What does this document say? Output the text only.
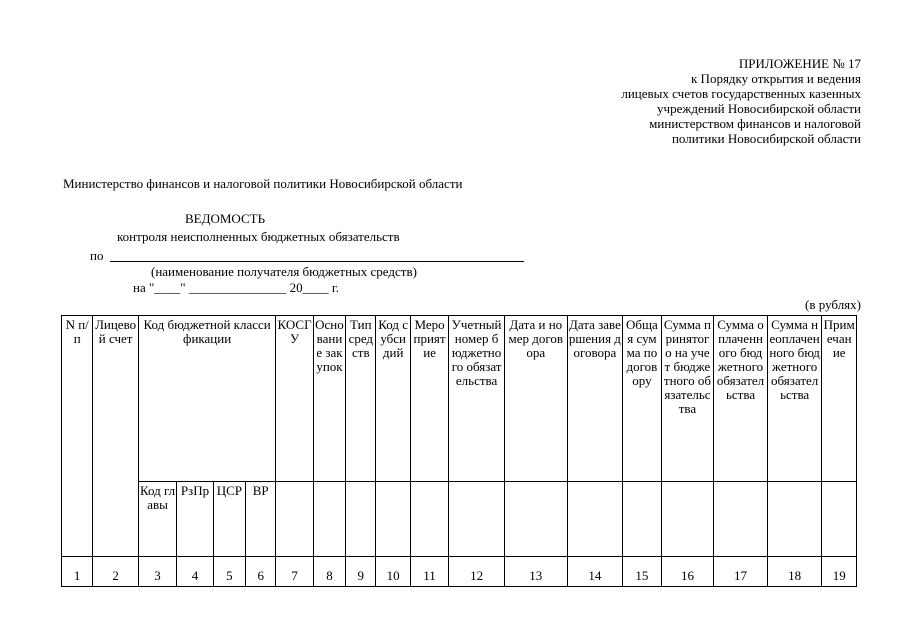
ПРИЛОЖЕНИЕ № 17
к Порядку открытия и ведения
лицевых счетов государственных казенных
учреждений Новосибирской области
министерством финансов и налоговой
политики Новосибирской области
Министерство финансов и налоговой политики Новосибирской области
ВЕДОМОСТЬ
контроля неисполненных бюджетных обязательств
по
(наименование получателя бюджетных средств)
на "____" _______________ 20____ г.
(в рублях)
N п/п	Лицевой счет	Код бюджетной классификации				КОСГУ	Основание закупок	Тип средств	Код субсидий	Мероприятие	Учетный номер бюджетного обязательства	Дата и номер договора	Дата завершения договора	Общая сумма по договору	Сумма принятого на учет бюджетного обязательства	Сумма оплаченного бюджетного обязательства	Сумма неоплаченного бюджетного обязательства	Примечание
		Код главы	РзПр	ЦСР	ВР													
1	2	3	4	5	6	7	8	9	10	11	12	13	14	15	16	17	18	19
